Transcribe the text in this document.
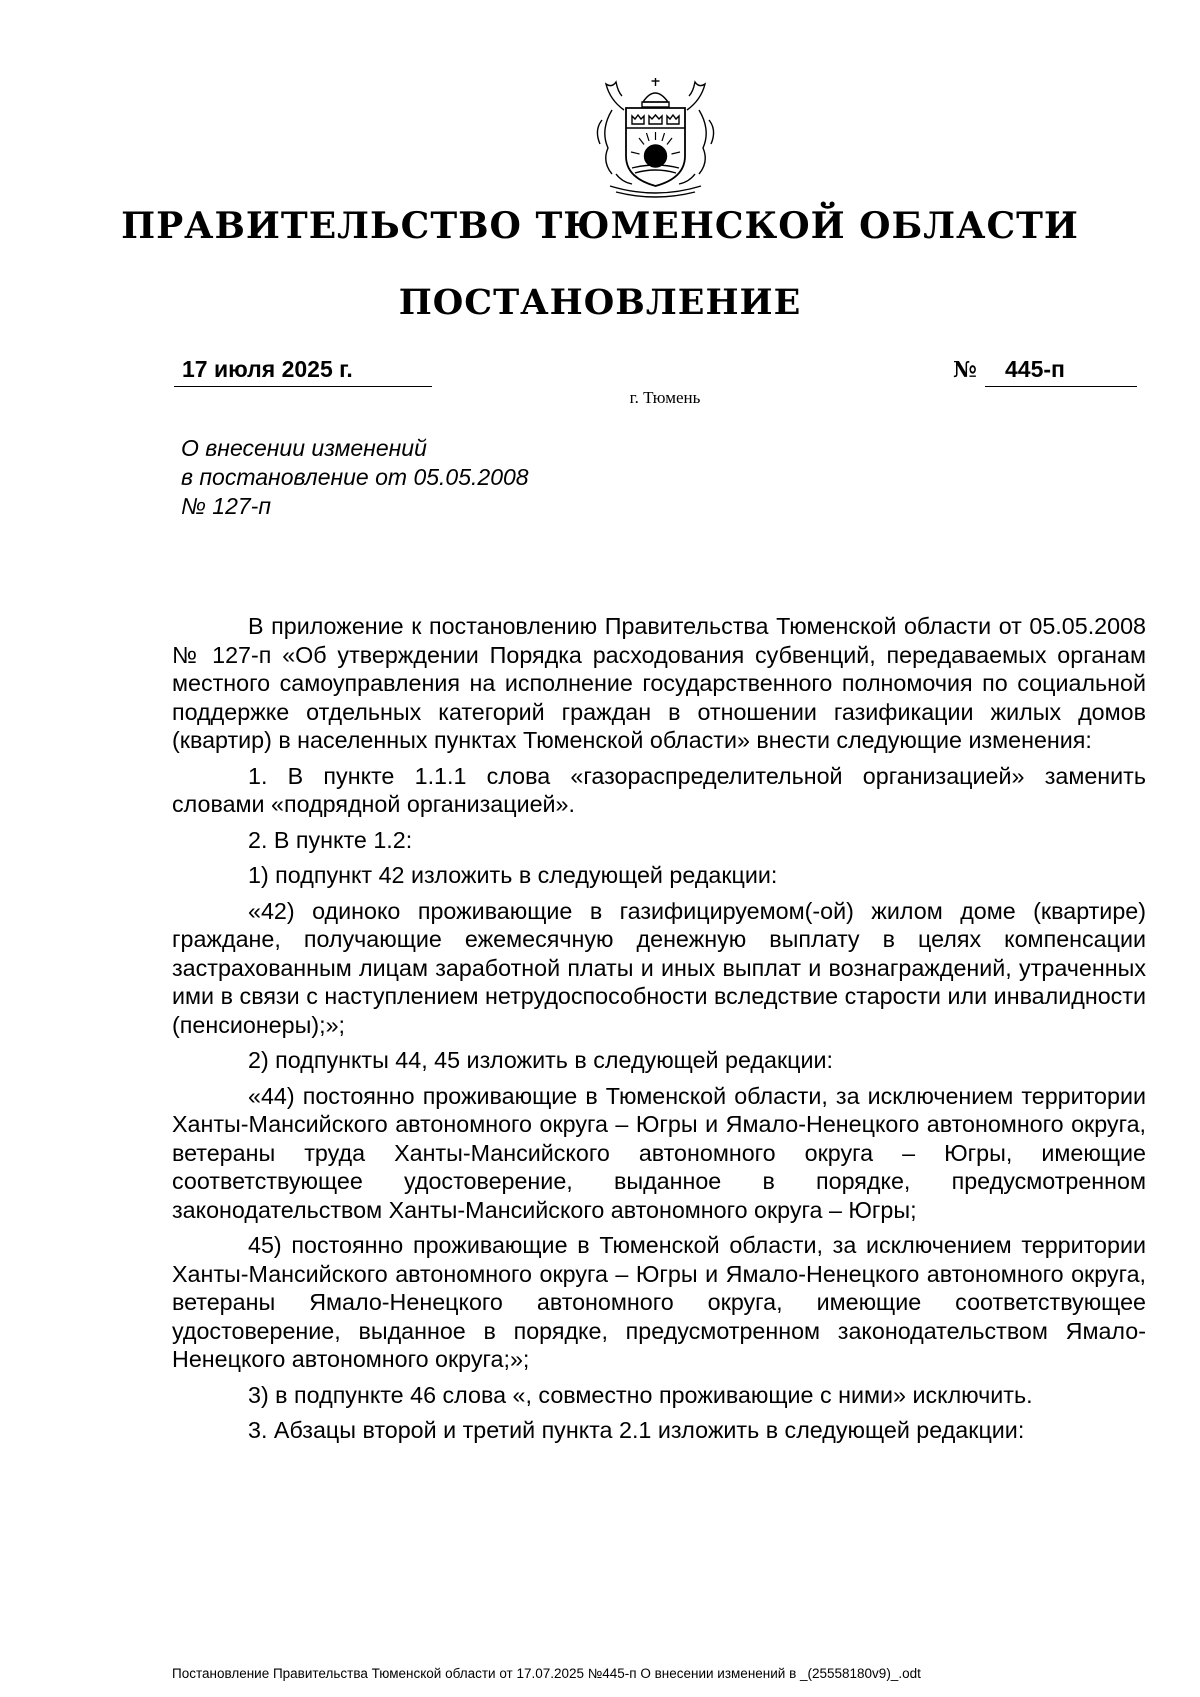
ПРАВИТЕЛЬСТВО ТЮМЕНСКОЙ ОБЛАСТИ
ПОСТАНОВЛЕНИЕ
17 июля 2025 г.	№ 445-п
г. Тюмень
О внесении изменений
в постановление от 05.05.2008
№ 127-п

В приложение к постановлению Правительства Тюменской области от 05.05.2008 № 127-п «Об утверждении Порядка расходования субвенций, передаваемых органам местного самоуправления на исполнение государственного полномочия по социальной поддержке отдельных категорий граждан в отношении газификации жилых домов (квартир) в населенных пунктах Тюменской области» внести следующие изменения:

1. В пункте 1.1.1 слова «газораспределительной организацией» заменить словами «подрядной организацией».

2. В пункте 1.2:

1) подпункт 42 изложить в следующей редакции:

«42) одиноко проживающие в газифицируемом(-ой) жилом доме (квартире) граждане, получающие ежемесячную денежную выплату в целях компенсации застрахованным лицам заработной платы и иных выплат и вознаграждений, утраченных ими в связи с наступлением нетрудоспособности вследствие старости или инвалидности (пенсионеры);»;

2) подпункты 44, 45 изложить в следующей редакции:

«44) постоянно проживающие в Тюменской области, за исключением территории Ханты-Мансийского автономного округа – Югры и Ямало-Ненецкого автономного округа, ветераны труда Ханты-Мансийского автономного округа – Югры, имеющие соответствующее удостоверение, выданное в порядке, предусмотренном законодательством Ханты-Мансийского автономного округа – Югры;

45) постоянно проживающие в Тюменской области, за исключением территории Ханты-Мансийского автономного округа – Югры и Ямало-Ненецкого автономного округа, ветераны Ямало-Ненецкого автономного округа, имеющие соответствующее удостоверение, выданное в порядке, предусмотренном законодательством Ямало-Ненецкого автономного округа;»;

3) в подпункте 46 слова «, совместно проживающие с ними» исключить.

3. Абзацы второй и третий пункта 2.1 изложить в следующей редакции:

Постановление Правительства Тюменской области от 17.07.2025 №445-п О внесении изменений в _(25558180v9)_.odt
